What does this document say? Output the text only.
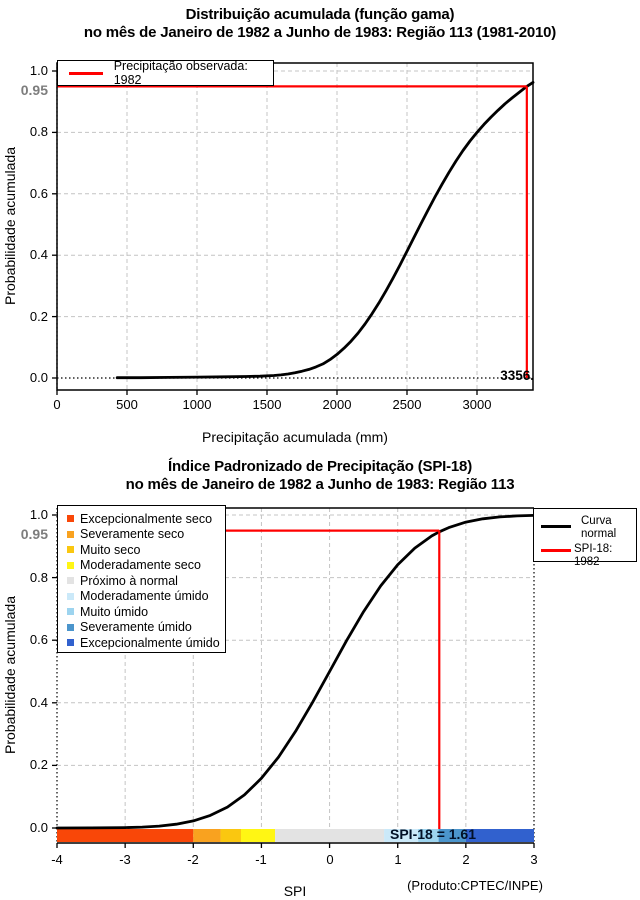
Distribuição acumulada (função gama)
no mês de Janeiro de 1982 a Junho de 1983: Região 113 (1981-2010)
1.0
0.95
0.8
0.6
0.4
0.2
0.0
Probabilidade acumulada
0	500	1000	1500	2000	2500	3000
Precipitação acumulada (mm)
Precipitação observada: 1982
3356.
Índice Padronizado de Precipitação (SPI-18)
no mês de Janeiro de 1982 a Junho de 1983: Região 113
1.0
0.95
0.8
0.6
0.4
0.2
0.0
Probabilidade acumulada
-4	-3	-2	-1	0	1	2	3
SPI	(Produto:CPTEC/INPE)
Excepcionalmente seco
Severamente seco
Muito seco
Moderadamente seco
Próximo à normal
Moderadamente úmido
Muito úmido
Severamente úmido
Excepcionalmente úmido
Curva
normal
SPI-18: 1982
SPI-18 = 1.61
